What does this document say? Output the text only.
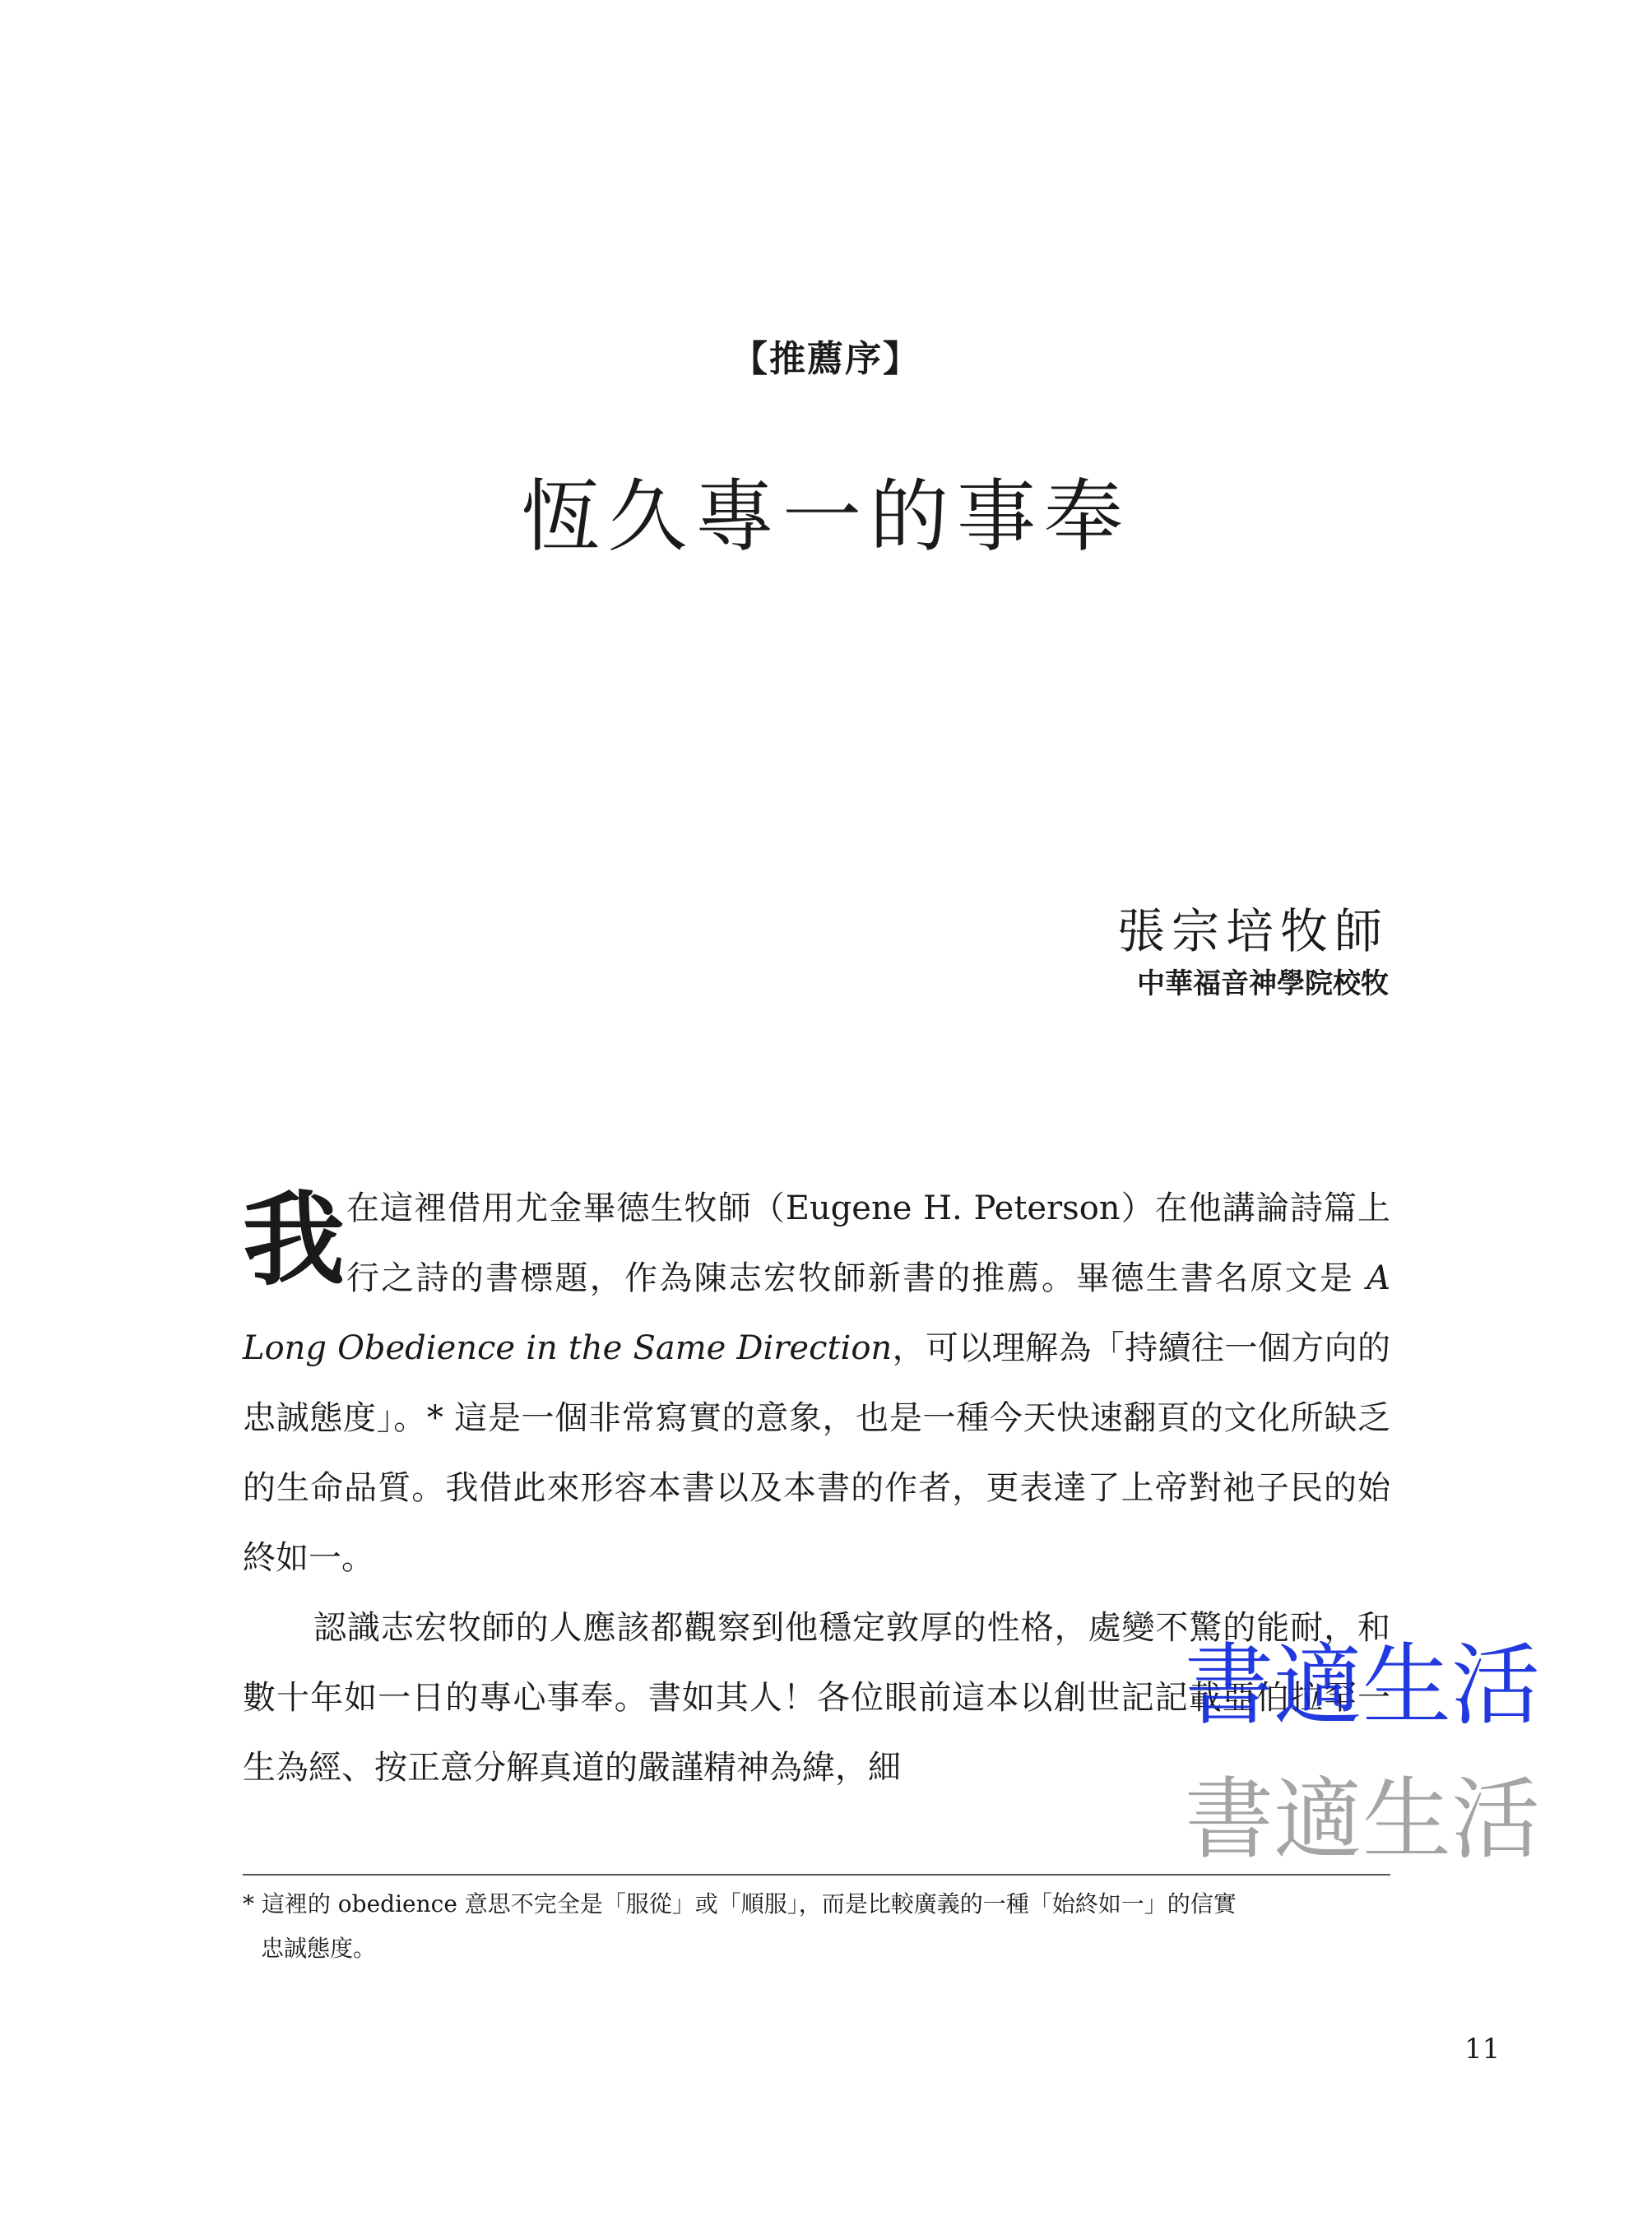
【推薦序】
恆久專一的事奉
張宗培牧師
中華福音神學院校牧

我在這裡借用尤金畢德生牧師（Eugene H. Peterson）在他講論詩篇上行之詩的書標題，作為陳志宏牧師新書的推薦。畢德生書名原文是 A Long Obedience in the Same Direction，可以理解為「持續往一個方向的忠誠態度」。* 這是一個非常寫實的意象，也是一種今天快速翻頁的文化所缺乏的生命品質。我借此來形容本書以及本書的作者，更表達了上帝對祂子民的始終如一。

認識志宏牧師的人應該都觀察到他穩定敦厚的性格，處變不驚的能耐，和數十年如一日的專心事奉。書如其人！各位眼前這本以創世記記載亞伯拉罕一生為經、按正意分解真道的嚴謹精神為緯，細

* 這裡的 obedience 意思不完全是「服從」或「順服」，而是比較廣義的一種「始終如一」的信實
忠誠態度。
11
書適生活
書適生活
